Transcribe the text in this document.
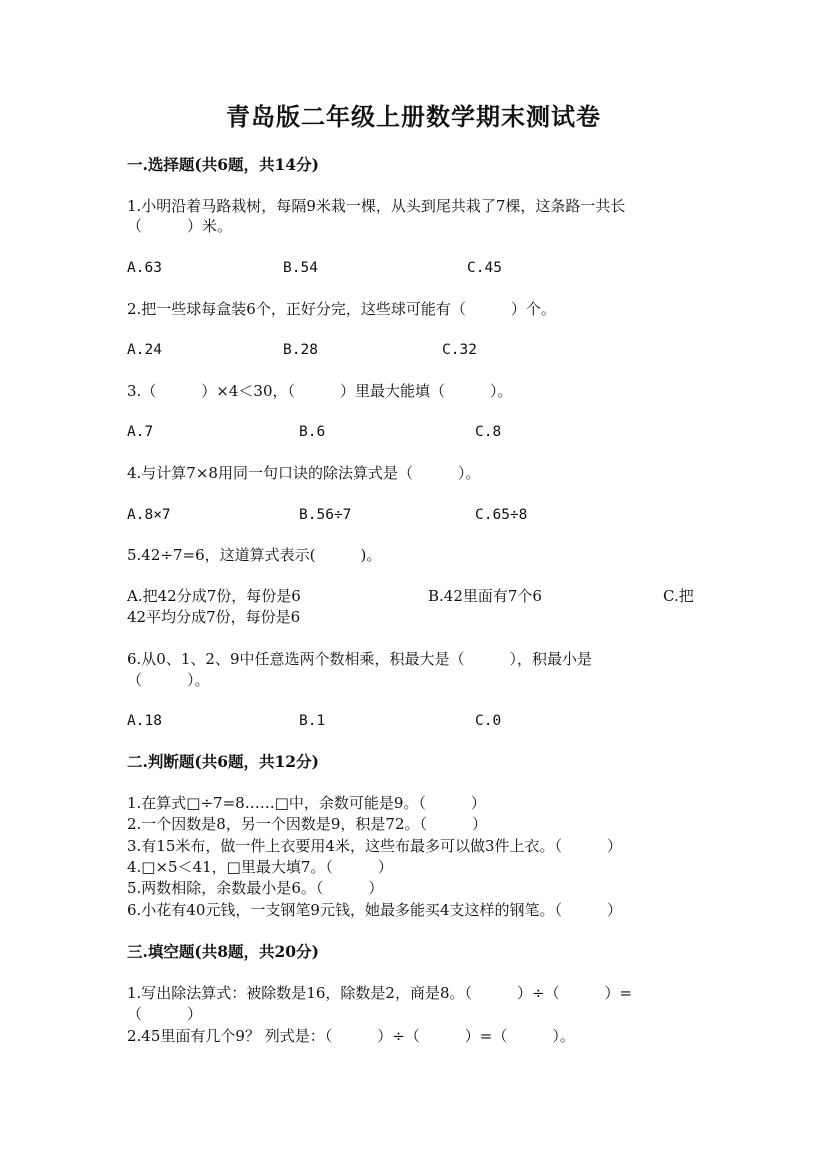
青岛版二年级上册数学期末测试卷
一.选择题(共6题，共14分)
1.小明沿着马路栽树，每隔9米栽一棵，从头到尾共栽了7棵，这条路一共长
（　　　）米。
A.63	B.54	C.45
2.把一些球每盒装6个，正好分完，这些球可能有（　　　）个。
A.24	B.28	C.32
3.（　　　）×4＜30，（　　　）里最大能填（　　　）。
A.7	B.6	C.8
4.与计算7×8用同一句口诀的除法算式是（　　　）。
A.8×7	B.56÷7	C.65÷8
5.42÷7=6，这道算式表示(　　　)。
A.把42分成7份，每份是6	B.42里面有7个6	C.把
42平均分成7份，每份是6
6.从0、1、2、9中任意选两个数相乘，积最大是（　　　），积最小是
（　　　）。
A.18	B.1	C.0
二.判断题(共6题，共12分)
1.在算式□÷7=8……□中，余数可能是9。（　　　）
2.一个因数是8，另一个因数是9，积是72。（　　　）
3.有15米布，做一件上衣要用4米，这些布最多可以做3件上衣。（　　　）
4.□×5＜41，□里最大填7。（　　　）
5.两数相除，余数最小是6。（　　　）
6.小花有40元钱，一支钢笔9元钱，她最多能买4支这样的钢笔。（　　　）
三.填空题(共8题，共20分)
1.写出除法算式：被除数是16，除数是2，商是8。（　　　）÷（　　　）=
（　　　）
2.45里面有几个9？ 列式是：（　　　）÷（　　　）=（　　　）。
